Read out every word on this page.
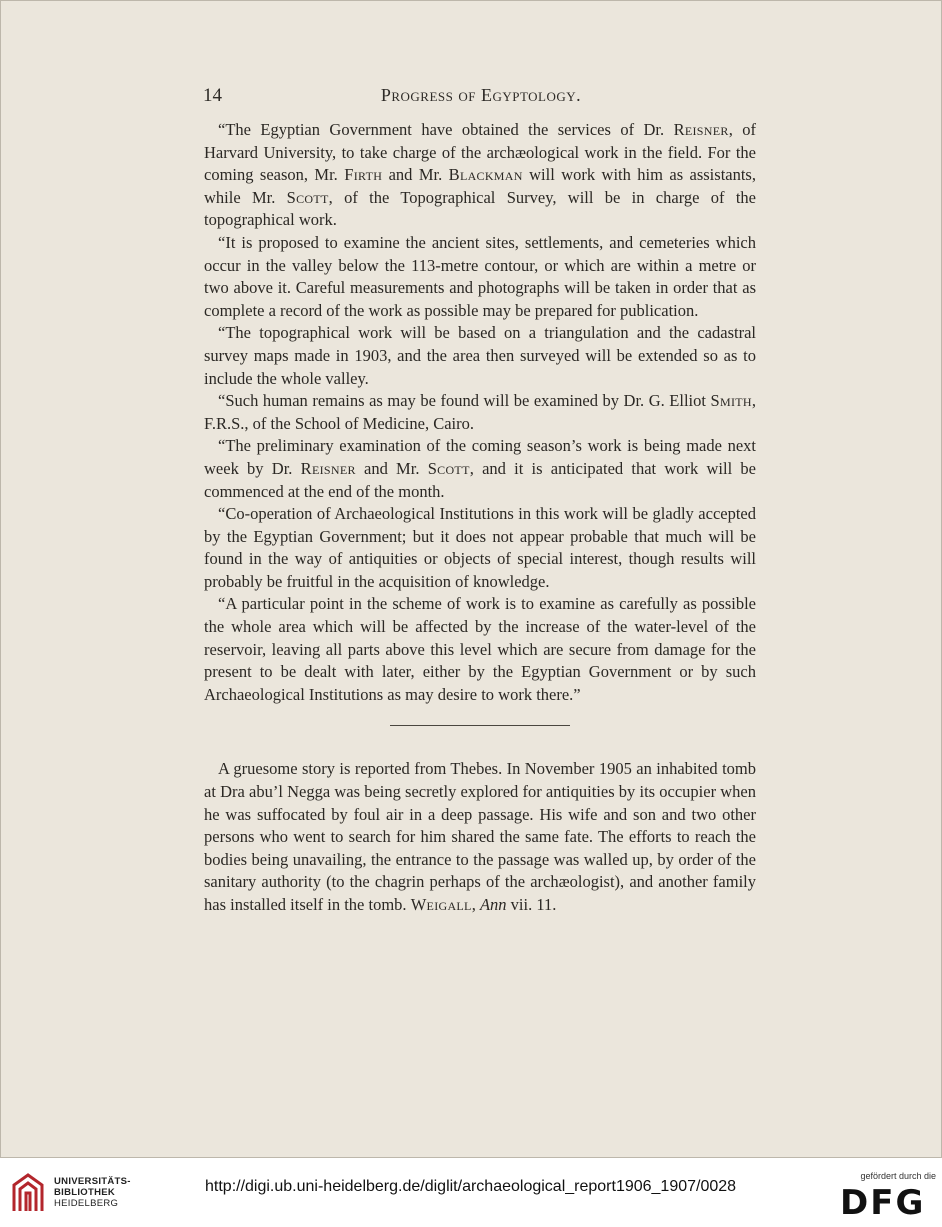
14	Progress of Egyptology.

“The Egyptian Government have obtained the services of Dr. Reisner, of Harvard University, to take charge of the archæological work in the field. For the coming season, Mr. Firth and Mr. Blackman will work with him as assistants, while Mr. Scott, of the Topographical Survey, will be in charge of the topographical work.

“It is proposed to examine the ancient sites, settlements, and cemeteries which occur in the valley below the 113-metre contour, or which are within a metre or two above it. Careful measurements and photographs will be taken in order that as complete a record of the work as possible may be prepared for publication.

“The topographical work will be based on a triangulation and the cadastral survey maps made in 1903, and the area then surveyed will be extended so as to include the whole valley.

“Such human remains as may be found will be examined by Dr. G. Elliot Smith, F.R.S., of the School of Medicine, Cairo.

“The preliminary examination of the coming season’s work is being made next week by Dr. Reisner and Mr. Scott, and it is anticipated that work will be commenced at the end of the month.

“Co-operation of Archaeological Institutions in this work will be gladly accepted by the Egyptian Government; but it does not appear probable that much will be found in the way of antiquities or objects of special interest, though results will probably be fruitful in the acquisition of knowledge.

“A particular point in the scheme of work is to examine as carefully as possible the whole area which will be affected by the increase of the water-level of the reservoir, leaving all parts above this level which are secure from damage for the present to be dealt with later, either by the Egyptian Government or by such Archaeological Institutions as may desire to work there.”

A gruesome story is reported from Thebes. In November 1905 an inhabited tomb at Dra abu’l Negga was being secretly explored for antiquities by its occupier when he was suffocated by foul air in a deep passage. His wife and son and two other persons who went to search for him shared the same fate. The efforts to reach the bodies being unavailing, the entrance to the passage was walled up, by order of the sanitary authority (to the chagrin perhaps of the archæologist), and another family has installed itself in the tomb. Weigall, Ann vii. 11.

UNIVERSITÄTS-
BIBLIOTHEK
HEIDELBERG
http://digi.ub.uni-heidelberg.de/diglit/archaeological_report1906_1907/0028
gefördert durch die
DFG
